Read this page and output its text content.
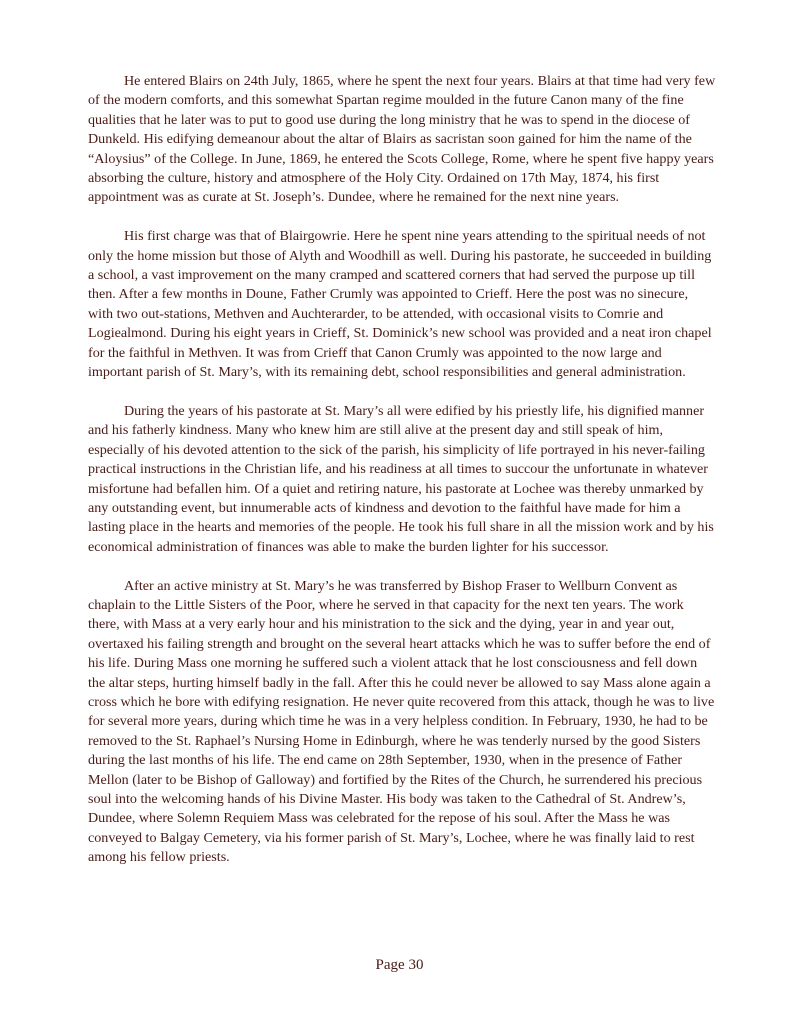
He entered Blairs on 24th July, 1865, where he spent the next four years. Blairs at that time had very few of the modern comforts, and this somewhat Spartan regime moulded in the future Canon many of the fine qualities that he later was to put to good use during the long ministry that he was to spend in the diocese of Dunkeld. His edifying demeanour about the altar of Blairs as sacristan soon gained for him the name of the “Aloysius” of the College. In June, 1869, he entered the Scots College, Rome, where he spent five happy years absorbing the culture, history and atmosphere of the Holy City. Ordained on 17th May, 1874, his first appointment was as curate at St. Joseph’s. Dundee, where he remained for the next nine years.

His first charge was that of Blairgowrie. Here he spent nine years attending to the spiritual needs of not only the home mission but those of Alyth and Woodhill as well. During his pastorate, he succeeded in building a school, a vast improvement on the many cramped and scattered corners that had served the purpose up till then. After a few months in Doune, Father Crumly was appointed to Crieff. Here the post was no sinecure, with two out-stations, Methven and Auchterarder, to be attended, with occasional visits to Comrie and Logiealmond. During his eight years in Crieff, St. Dominick’s new school was provided and a neat iron chapel for the faithful in Methven. It was from Crieff that Canon Crumly was appointed to the now large and important parish of St. Mary’s, with its remaining debt, school responsibilities and general administration.

During the years of his pastorate at St. Mary’s all were edified by his priestly life, his dignified manner and his fatherly kindness. Many who knew him are still alive at the present day and still speak of him, especially of his devoted attention to the sick of the parish, his simplicity of life portrayed in his never-failing practical instructions in the Christian life, and his readiness at all times to succour the unfortunate in whatever misfortune had befallen him. Of a quiet and retiring nature, his pastorate at Lochee was thereby unmarked by any outstanding event, but innumerable acts of kindness and devotion to the faithful have made for him a lasting place in the hearts and memories of the people. He took his full share in all the mission work and by his economical administration of finances was able to make the burden lighter for his successor.

After an active ministry at St. Mary’s he was transferred by Bishop Fraser to Wellburn Convent as chaplain to the Little Sisters of the Poor, where he served in that capacity for the next ten years. The work there, with Mass at a very early hour and his ministration to the sick and the dying, year in and year out, overtaxed his failing strength and brought on the several heart attacks which he was to suffer before the end of his life. During Mass one morning he suffered such a violent attack that he lost consciousness and fell down the altar steps, hurting himself badly in the fall. After this he could never be allowed to say Mass alone again a cross which he bore with edifying resignation. He never quite recovered from this attack, though he was to live for several more years, during which time he was in a very helpless condition. In February, 1930, he had to be removed to the St. Raphael’s Nursing Home in Edinburgh, where he was tenderly nursed by the good Sisters during the last months of his life. The end came on 28th September, 1930, when in the presence of Father Mellon (later to be Bishop of Galloway) and fortified by the Rites of the Church, he surrendered his precious soul into the welcoming hands of his Divine Master. His body was taken to the Cathedral of St. Andrew’s, Dundee, where Solemn Requiem Mass was celebrated for the repose of his soul. After the Mass he was conveyed to Balgay Cemetery, via his former parish of St. Mary’s, Lochee, where he was finally laid to rest among his fellow priests.

Page 30
